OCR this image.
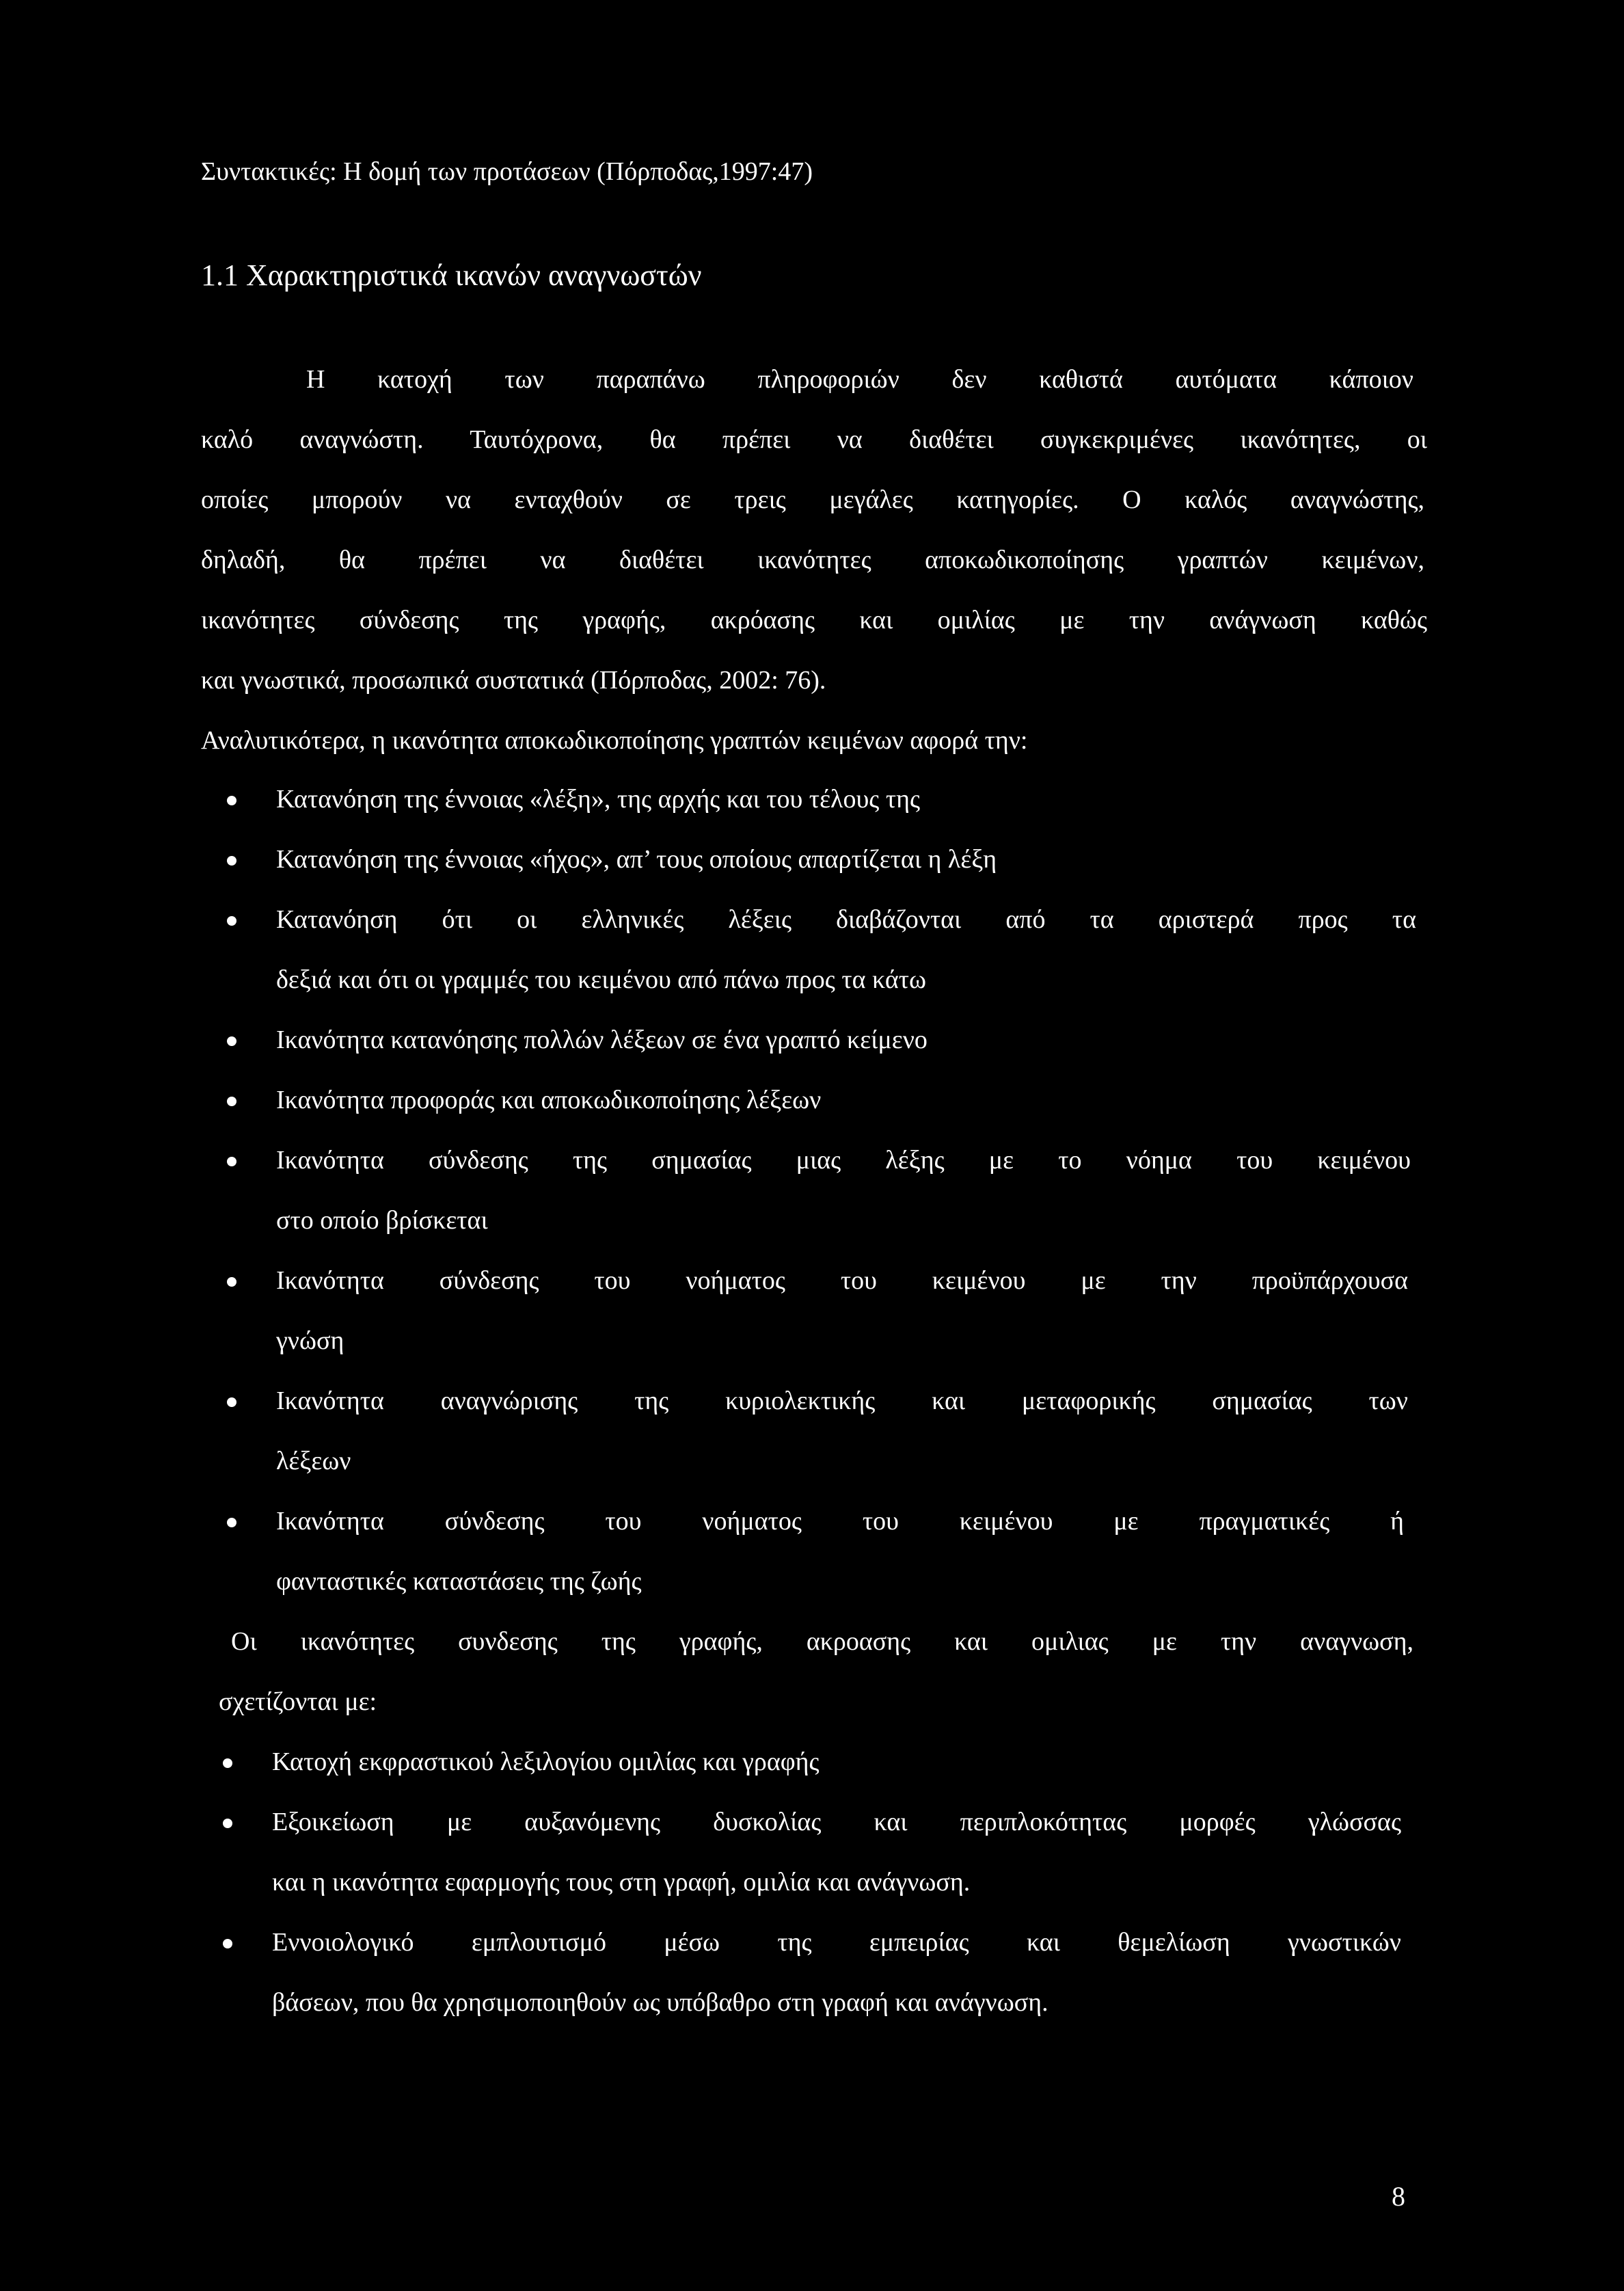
Συντακτικές: Η δομή των προτάσεων (Πόρποδας,1997:47)
1.1 Χαρακτηριστικά ικανών αναγνωστών
Η κατοχή των παραπάνω πληροφοριών δεν καθιστά αυτόματα κάποιον
καλό αναγνώστη. Ταυτόχρονα, θα πρέπει να διαθέτει συγκεκριμένες ικανότητες, οι
οποίες μπορούν να ενταχθούν σε τρεις μεγάλες κατηγορίες. Ο καλός αναγνώστης,
δηλαδή, θα πρέπει να διαθέτει ικανότητες αποκωδικοποίησης γραπτών κειμένων,
ικανότητες σύνδεσης της γραφής, ακρόασης και ομιλίας με την ανάγνωση καθώς
και γνωστικά, προσωπικά συστατικά (Πόρποδας, 2002: 76).
Αναλυτικότερα, η ικανότητα αποκωδικοποίησης γραπτών κειμένων αφορά την:
Κατανόηση της έννοιας «λέξη», της αρχής και του τέλους της
Κατανόηση της έννοιας «ήχος», απ’ τους οποίους απαρτίζεται η λέξη
Κατανόηση ότι οι ελληνικές λέξεις διαβάζονται από τα αριστερά προς τα
δεξιά και ότι οι γραμμές του κειμένου από πάνω προς τα κάτω
Ικανότητα κατανόησης πολλών λέξεων σε ένα γραπτό κείμενο
Ικανότητα προφοράς και αποκωδικοποίησης λέξεων
Ικανότητα σύνδεσης της σημασίας μιας λέξης με το νόημα του κειμένου
στο οποίο βρίσκεται
Ικανότητα σύνδεσης του νοήματος του κειμένου με την προϋπάρχουσα
γνώση
Ικανότητα αναγνώρισης της κυριολεκτικής και μεταφορικής σημασίας των
λέξεων
Ικανότητα σύνδεσης του νοήματος του κειμένου με πραγματικές ή
φανταστικές καταστάσεις της ζωής
Οι ικανότητες συνδεσης της γραφής, ακροασης και ομιλιας με την αναγνωση,
σχετίζονται με:
Κατοχή εκφραστικού λεξιλογίου ομιλίας και γραφής
Εξοικείωση με αυξανόμενης δυσκολίας και περιπλοκότητας μορφές γλώσσας
και η ικανότητα εφαρμογής τους στη γραφή, ομιλία και ανάγνωση.
Εννοιολογικό εμπλουτισμό μέσω της εμπειρίας και θεμελίωση γνωστικών
βάσεων, που θα χρησιμοποιηθούν ως υπόβαθρο στη γραφή και ανάγνωση.
8
